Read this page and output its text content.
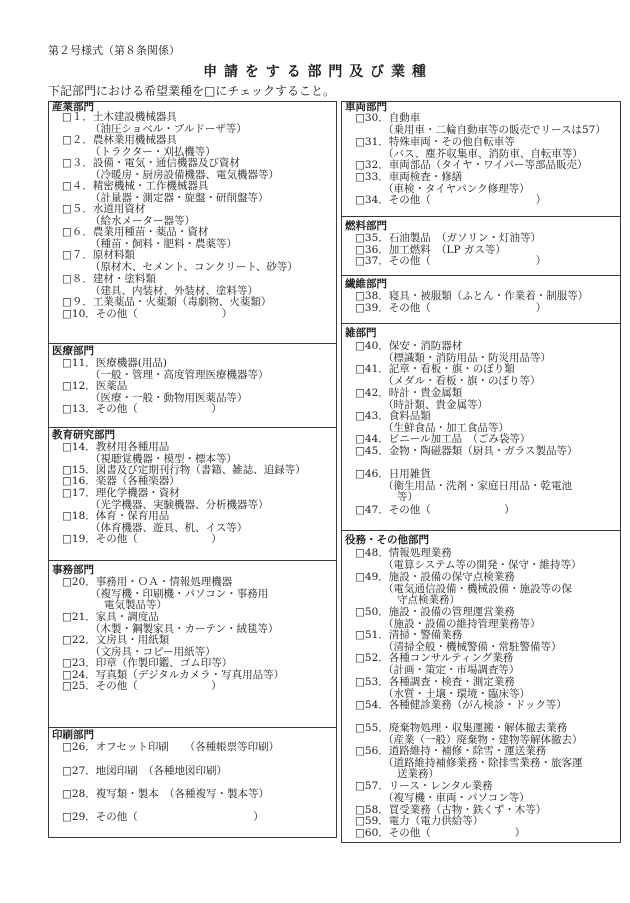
第２号様式（第８条関係）
申 請 を す る 部 門 及 び 業 種
下記部門における希望業種を□にチェックすること。
産業部門
医療部門
教育研究部門
事務部門
印刷部門
車両部門
燃料部門
繊維部門
雑部門
役務・その他部門
□１．土木建設機械器具
（油圧ショベル・ブルドーザ等）
□２．農林業用機械器具
（トラクター・刈払機等）
□３．設備・電気・通信機器及び資材
（冷暖房・厨房設備機器、電気機器等）
□４．精密機械・工作機械器具
（計量器・測定器・旋盤・研削盤等）
□５．水道用資材
（給水メーター器等）
□６．農業用種苗・薬品・資材
（種苗・飼料・肥料・農薬等）
□７．原材料類
（原材木、セメント、コンクリート、砂等）
□８．建材・塗料類
（建具、内装材、外装材、塗料等）
□９．工業薬品・火薬類（毒劇物、火薬類）
□10．その他（　　　　　　　　）
□11．医療機器(用品)
（一般・管理・高度管理医療機器等）
□12．医薬品
（医療・一般・動物用医薬品等）
□13．その他（　　　　　　　）
□14．教材用各種用品
（視聴覚機器・模型・標本等）
□15．図書及び定期刊行物（書籍、雑誌、追録等）
□16．楽器（各種楽器）
□17．理化学機器・資材
（光学機器、実験機器、分析機器等）
□18．体育・保育用品
（体育機器、遊具、机、イス等）
□19．その他（　　　　　　　）
□20．事務用・ＯＡ・情報処理機器
（複写機・印刷機・パソコン・事務用
電気製品等）
□21．家具・調度品
（木製・鋼製家具・カーテン・絨毯等）
□22．文房具・用紙類
（文房具・コピー用紙等）
□23．印章（作製印鑑、ゴム印等）
□24．写真類（デジタルカメラ・写真用品等）
□25．その他（　　　　　　　）
□26．オフセット印刷　　（各種帳票等印刷）
□27．地図印刷　（各種地図印刷）
□28．複写類・製本　（各種複写・製本等）
□29．その他（　　　　　　　　　　　）
□30．自動車
（乗用車・二輪自動車等の販売でリースは57）
□31．特殊車両・その他自転車等
（バス、塵芥収集車、消防車、自転車等）
□32．車両部品（タイヤ・ワイパー等部品販売）
□33．車両検査・修繕
（車検・タイヤパンク修理等）
□34．その他（　　　　　　　　　　）
□35．石油製品　（ガソリン・灯油等）
□36．加工燃料　（LP ガス等）
□37．その他（　　　　　　　　　　）
□38．寝具・被服類（ふとん・作業着・制服等）
□39．その他（　　　　　　　　　　）
□40．保安・消防器材
（標識類・消防用品・防災用品等）
□41．記章・看板・旗・のぼり類
（メダル・看板・旗・のぼり等）
□42．時計・貴金属類
（時計類、貴金属等）
□43．食料品類
（生鮮食品・加工食品等）
□44．ビニール加工品　（ごみ袋等）
□45．金物・陶磁器類（厨具・ガラス製品等）
□46．日用雑貨
（衛生用品・洗剤・家庭日用品・乾電池
等）
□47．その他（　　　　　　　）
□48．情報処理業務
（電算システム等の開発・保守・維持等）
□49．施設・設備の保守点検業務
（電気通信設備・機械設備・施設等の保
守点検業務）
□50．施設・設備の管理運営業務
（施設・設備の維持管理業務等）
□51．清掃・警備業務
（清掃全般・機械警備・常駐警備等）
□52．各種コンサルティング業務
（計画・策定・市場調査等）
□53．各種調査・検査・測定業務
（水質・土壌・環境・臨床等）
□54．各種健診業務（がん検診・ドック等）
□55．廃棄物処理・収集運搬・解体撤去業務
（産業（一般）廃棄物・建物等解体撤去）
□56．道路維持・補修・除雪・運送業務
（道路維持補修業務・除排雪業務・旅客運
送業務）
□57．リース・レンタル業務
（複写機・車両・パソコン等）
□58．買受業務（古物・鉄くず・木等）
□59．電力（電力供給等）
□60．その他（　　　　　　　　）
